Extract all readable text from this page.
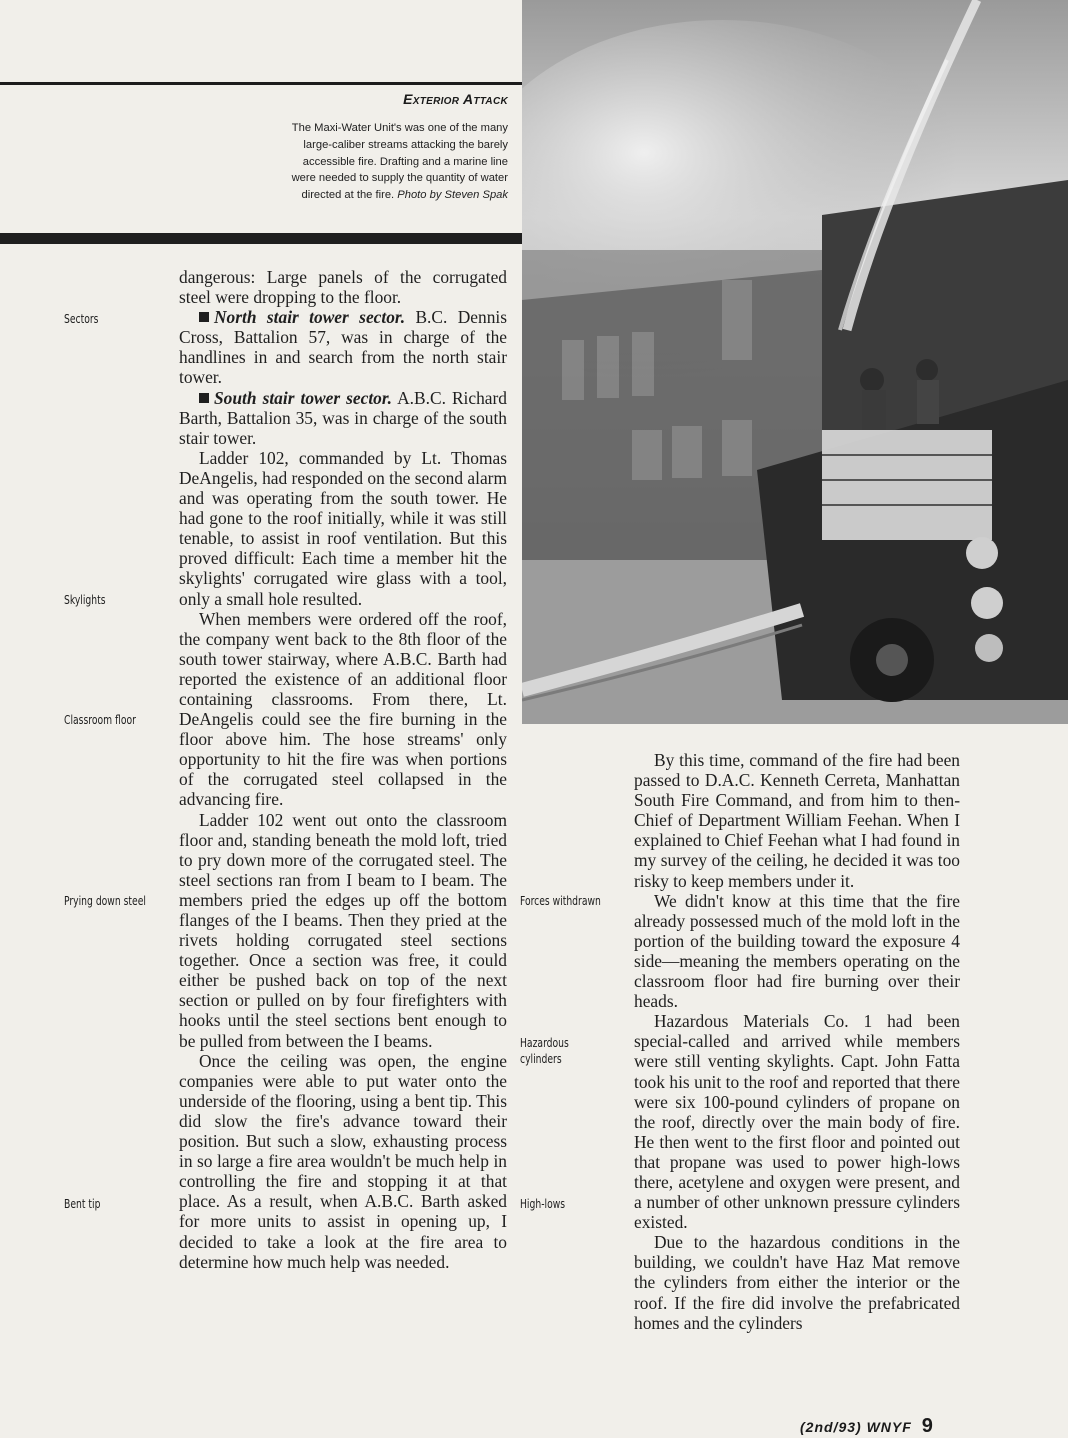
Exterior Attack
The Maxi-Water Unit's was one of the many large-caliber streams attacking the barely accessible fire. Drafting and a marine line were needed to supply the quantity of water directed at the fire. Photo by Steven Spak
Sectors
Skylights
Classroom floor
Prying down steel
Bent tip
Forces withdrawn
Hazardous
cylinders
High-lows

dangerous: Large panels of the corrugated steel were dropping to the floor.

North stair tower sector. B.C. Dennis Cross, Battalion 57, was in charge of the handlines in and search from the north stair tower.

South stair tower sector. A.B.C. Richard Barth, Battalion 35, was in charge of the south stair tower.

Ladder 102, commanded by Lt. Thomas DeAngelis, had responded on the second alarm and was operating from the south tower. He had gone to the roof initially, while it was still tenable, to assist in roof ventilation. But this proved difficult: Each time a member hit the skylights' corrugated wire glass with a tool, only a small hole resulted.

When members were ordered off the roof, the company went back to the 8th floor of the south tower stairway, where A.B.C. Barth had reported the existence of an additional floor containing classrooms. From there, Lt. DeAngelis could see the fire burning in the floor above him. The hose streams' only opportunity to hit the fire was when portions of the corrugated steel collapsed in the advancing fire.

Ladder 102 went out onto the classroom floor and, standing beneath the mold loft, tried to pry down more of the corrugated steel. The steel sections ran from I beam to I beam. The members pried the edges up off the bottom flanges of the I beams. Then they pried at the rivets holding corrugated steel sections together. Once a section was free, it could either be pushed back on top of the next section or pulled on by four firefighters with hooks until the steel sections bent enough to be pulled from between the I beams.

Once the ceiling was open, the engine companies were able to put water onto the underside of the flooring, using a bent tip. This did slow the fire's advance toward their position. But such a slow, exhausting process in so large a fire area wouldn't be much help in controlling the fire and stopping it at that place. As a result, when A.B.C. Barth asked for more units to assist in opening up, I decided to take a look at the fire area to determine how much help was needed.

By this time, command of the fire had been passed to D.A.C. Kenneth Cerreta, Manhattan South Fire Command, and from him to then-Chief of Department William Feehan. When I explained to Chief Feehan what I had found in my survey of the ceiling, he decided it was too risky to keep members under it.

We didn't know at this time that the fire already possessed much of the mold loft in the portion of the building toward the exposure 4 side—meaning the members operating on the classroom floor had fire burning over their heads.

Hazardous Materials Co. 1 had been special-called and arrived while members were still venting skylights. Capt. John Fatta took his unit to the roof and reported that there were six 100-pound cylinders of propane on the roof, directly over the main body of fire. He then went to the first floor and pointed out that propane was used to power high-lows there, acetylene and oxygen were present, and a number of other unknown pressure cylinders existed.

Due to the hazardous conditions in the building, we couldn't have Haz Mat remove the cylinders from either the interior or the roof. If the fire did involve the prefabricated homes and the cylinders

(2nd/93) WNYF 9
